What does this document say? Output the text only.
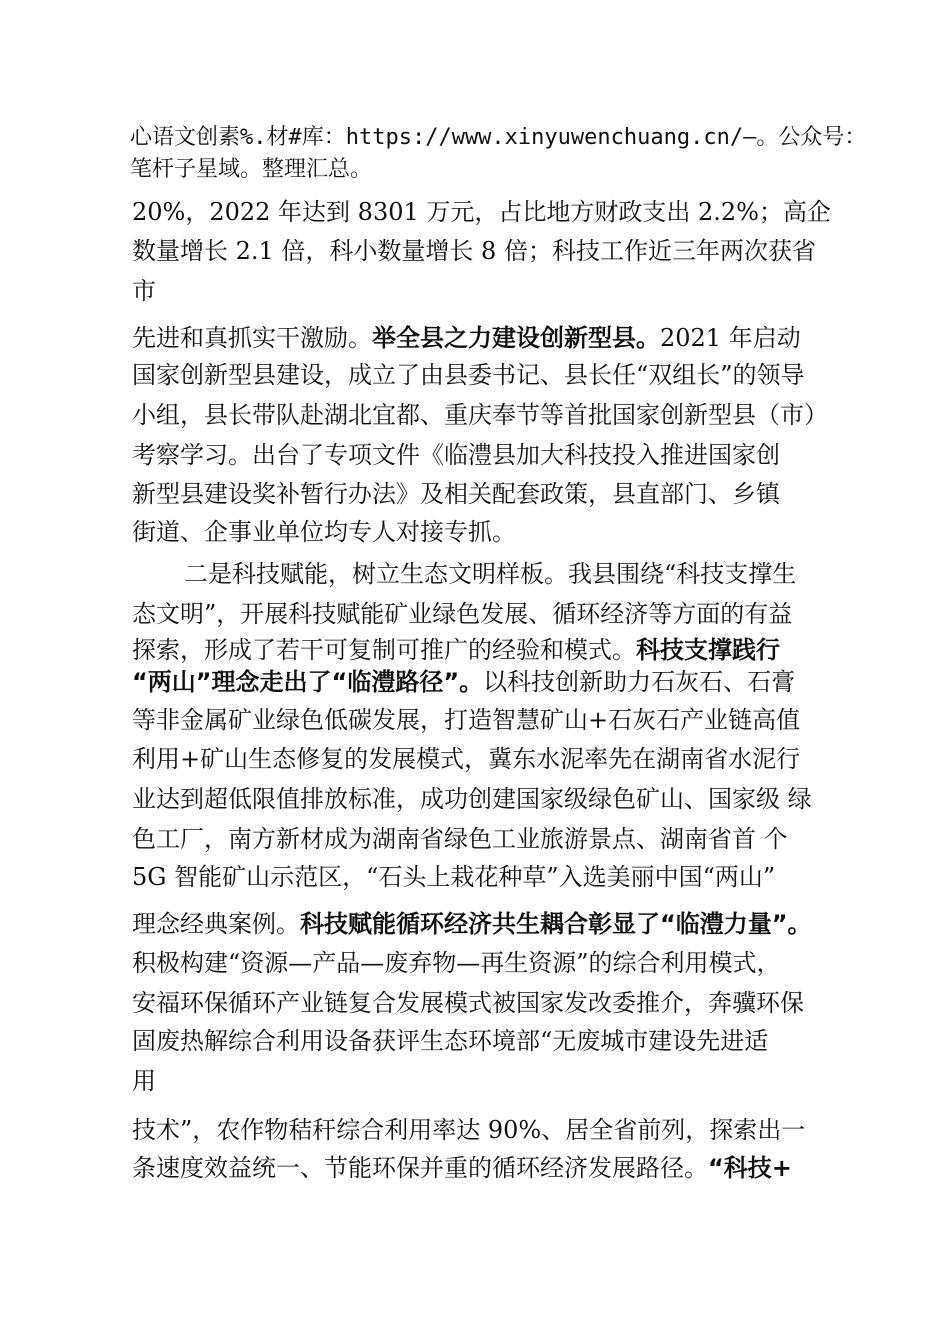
心语文创素%.材#库：https://www.xinyuwenchuang.cn/—。公众号：笔杆子星域。整理汇总。

20%，2022 年达到 8301 万元，占比地方财政支出 2.2%；高企

数量增长 2.1 倍，科小数量增长 8 倍；科技工作近三年两次获省

市

先进和真抓实干激励。举全县之力建设创新型县。2021 年启动

国家创新型县建设，成立了由县委书记、县长任“双组长”的领导

小组，县长带队赴湖北宜都、重庆奉节等首批国家创新型县（市）

考察学习。出台了专项文件《临澧县加大科技投入推进国家创

新型县建设奖补暂行办法》及相关配套政策，县直部门、乡镇

街道、企事业单位均专人对接专抓。

二是科技赋能，树立生态文明样板。我县围绕“科技支撑生

态文明”，开展科技赋能矿业绿色发展、循环经济等方面的有益

探索，形成了若干可复制可推广的经验和模式。科技支撑践行

“两山”理念走出了“临澧路径”。以科技创新助力石灰石、石膏

等非金属矿业绿色低碳发展，打造智慧矿山+石灰石产业链高值

利用+矿山生态修复的发展模式，冀东水泥率先在湖南省水泥行

业达到超低限值排放标准，成功创建国家级绿色矿山、国家级 绿

色工厂，南方新材成为湖南省绿色工业旅游景点、湖南省首 个

5G 智能矿山示范区，“石头上栽花种草”入选美丽中国“两山”

理念经典案例。科技赋能循环经济共生耦合彰显了“临澧力量”。

积极构建“资源—产品—废弃物—再生资源”的综合利用模式，

安福环保循环产业链复合发展模式被国家发改委推介，奔骥环保

固废热解综合利用设备获评生态环境部“无废城市建设先进适

用

技术”，农作物秸秆综合利用率达 90%、居全省前列，探索出一

条速度效益统一、节能环保并重的循环经济发展路径。“科技+
